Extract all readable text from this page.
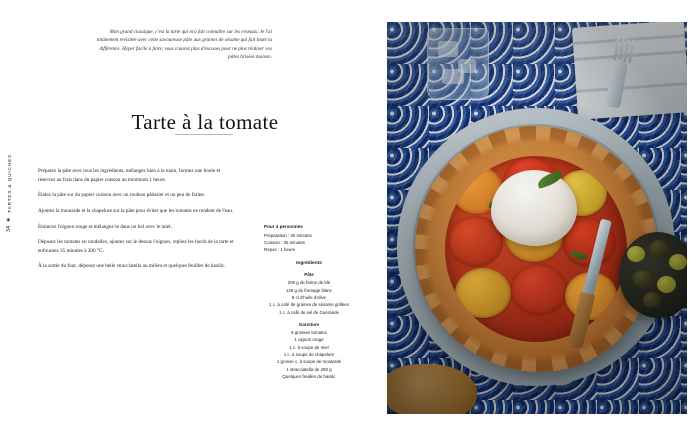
34
❀
TARTES & QUICHES
Mon grand classique, c'est la tarte qui m'a fait connaître sur les réseaux. Je l'ai totalement revisitée avec cette savoureuse pâte aux graines de sésame qui fait toute la différence. Hyper facile à faire, vous n'aurez plus d'excuses pour ne plus réaliser vos pâtes brisées maison.
Tarte à la tomate

Préparez la pâte avec tous les ingrédients, mélangez bien à la main, formez une boule et réservez au frais dans du papier cuisson au minimum 1 heure.

Étalez la pâte sur du papier cuisson avec un rouleau pâtissier et un peu de farine.

Ajoutez la moutarde et la chapelure sur la pâte pour éviter que les tomates ne rendent de l'eau.

Émincez l'oignon rouge et mélangez-le dans un bol avec le miel.

Déposez les tomates en rondelles, ajoutez sur le dessus l'oignon, repliez les bords de la tarte et enfournez 35 minutes à 200 °C.

À la sortie du four, déposez une belle stracciatella au milieu et quelques feuilles de basilic.

Pour 4 personnes
Préparation : 20 minutes
Cuisson : 35 minutes
Repos : 1 heure
Ingrédients
Pâte
200 g de farine de blé
125 g de fromage blanc
8 cl d'huile d'olive
1 c. à café de graines de sésame grillées
1 c. à café de sel de Guérande
Garniture
6 grosses tomates
1 oignon rouge
1 c. à soupe de miel
1 c. à soupe de chapelure
1 grosse c. à soupe de moutarde
1 stracciatella de 250 g
Quelques feuilles de basilic
